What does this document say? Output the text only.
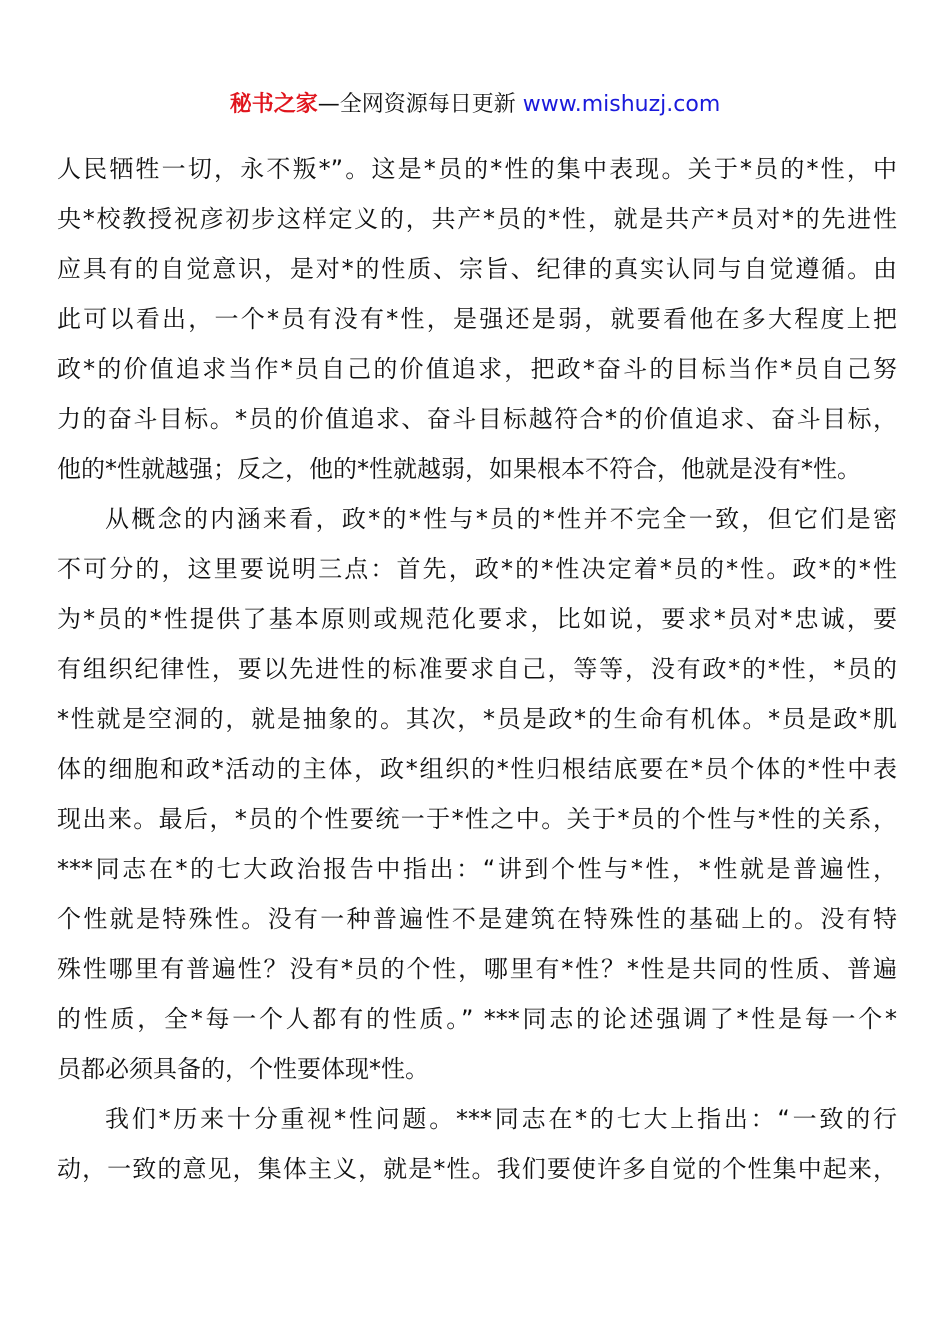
秘书之家—全网资源每日更新 www.mishuzj.com
人民牺牲一切，永不叛*”。这是*员的*性的集中表现。关于*员的*性，中
央*校教授祝彦初步这样定义的，共产*员的*性，就是共产*员对*的先进性
应具有的自觉意识，是对*的性质、宗旨、纪律的真实认同与自觉遵循。由
此可以看出，一个*员有没有*性，是强还是弱，就要看他在多大程度上把
政*的价值追求当作*员自己的价值追求，把政*奋斗的目标当作*员自己努
力的奋斗目标。*员的价值追求、奋斗目标越符合*的价值追求、奋斗目标，
他的*性就越强；反之，他的*性就越弱，如果根本不符合，他就是没有*性。
从概念的内涵来看，政*的*性与*员的*性并不完全一致，但它们是密
不可分的，这里要说明三点：首先，政*的*性决定着*员的*性。政*的*性
为*员的*性提供了基本原则或规范化要求，比如说，要求*员对*忠诚，要
有组织纪律性，要以先进性的标准要求自己，等等，没有政*的*性，*员的
*性就是空洞的，就是抽象的。其次，*员是政*的生命有机体。*员是政*肌
体的细胞和政*活动的主体，政*组织的*性归根结底要在*员个体的*性中表
现出来。最后，*员的个性要统一于*性之中。关于*员的个性与*性的关系，
***同志在*的七大政治报告中指出：“讲到个性与*性，*性就是普遍性，
个性就是特殊性。没有一种普遍性不是建筑在特殊性的基础上的。没有特
殊性哪里有普遍性？没有*员的个性，哪里有*性？*性是共同的性质、普遍
的性质，全*每一个人都有的性质。” ***同志的论述强调了*性是每一个*
员都必须具备的，个性要体现*性。
我们*历来十分重视*性问题。***同志在*的七大上指出：“一致的行
动，一致的意见，集体主义，就是*性。我们要使许多自觉的个性集中起来，
